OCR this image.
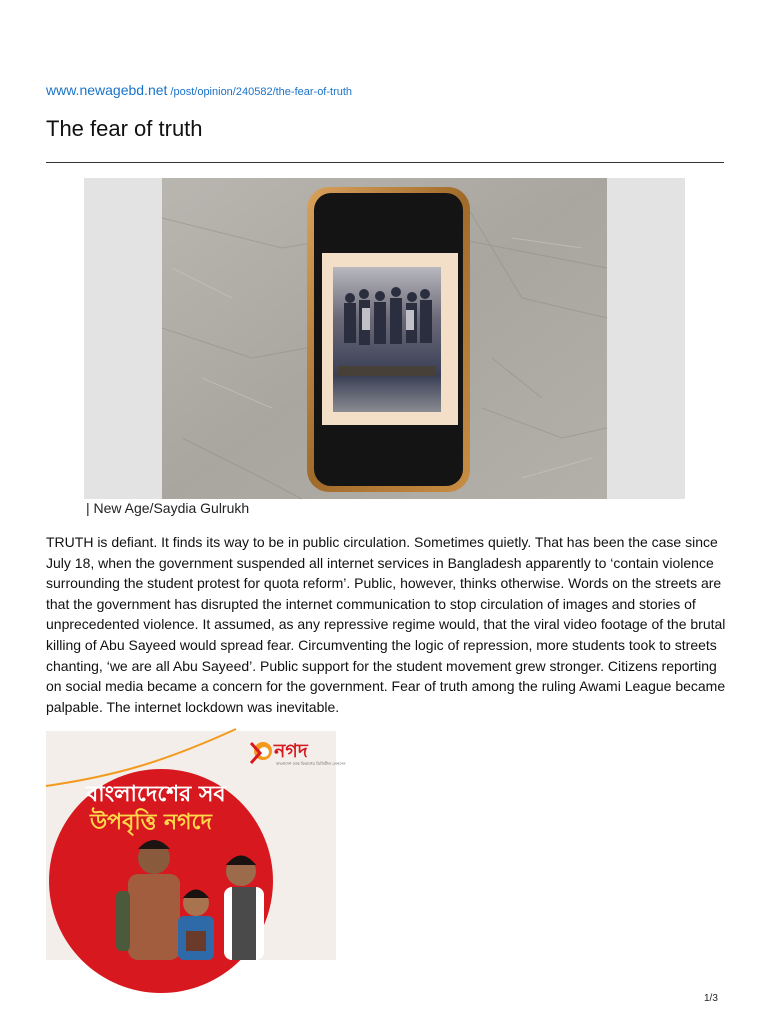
www.newagebd.net /post/opinion/240582/the-fear-of-truth
The fear of truth
| New Age/Saydia Gulrukh

TRUTH is defiant. It finds its way to be in public circulation. Sometimes quietly. That has been the case since July 18, when the government suspended all internet services in Bangladesh apparently to ‘contain violence surrounding the student protest for quota reform’. Public, however, thinks otherwise. Words on the streets are that the government has disrupted the internet communication to stop circulation of images and stories of unprecedented violence. It assumed, as any repressive regime would, that the viral video footage of the brutal killing of Abu Sayeed would spread fear. Circumventing the logic of repression, more students took to streets chanting, ‘we are all Abu Sayeed’. Public support for the student movement grew stronger. Citizens reporting on social media became a concern for the government. Fear of truth among the ruling Awami League became palpable. The internet lockdown was inevitable.

নগদ
বাংলাদেশ ডাক বিভাগের ডিজিটাল লেনদেন
বাংলাদেশের সব
উপবৃত্তি নগদে
1/3
